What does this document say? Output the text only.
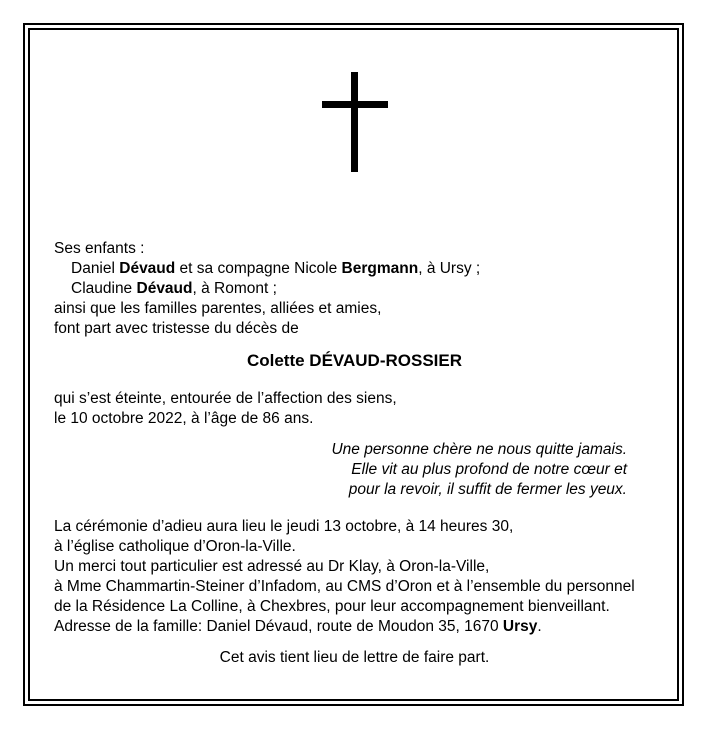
Ses enfants :
Daniel Dévaud et sa compagne Nicole Bergmann, à Ursy ;
Claudine Dévaud, à Romont ;
ainsi que les familles parentes, alliées et amies,
font part avec tristesse du décès de
Colette DÉVAUD-ROSSIER
qui s’est éteinte, entourée de l’affection des siens,
le 10 octobre 2022, à l’âge de 86 ans.
Une personne chère ne nous quitte jamais.
Elle vit au plus profond de notre cœur et
pour la revoir, il suffit de fermer les yeux.
La cérémonie d’adieu aura lieu le jeudi 13 octobre, à 14 heures 30,
à l’église catholique d’Oron-la-Ville.
Un merci tout particulier est adressé au Dr Klay, à Oron-la-Ville,
à Mme Chammartin-Steiner d’Infadom, au CMS d’Oron et à l’ensemble du personnel
de la Résidence La Colline, à Chexbres, pour leur accompagnement bienveillant.
Adresse de la famille: Daniel Dévaud, route de Moudon 35, 1670 Ursy.
Cet avis tient lieu de lettre de faire part.
